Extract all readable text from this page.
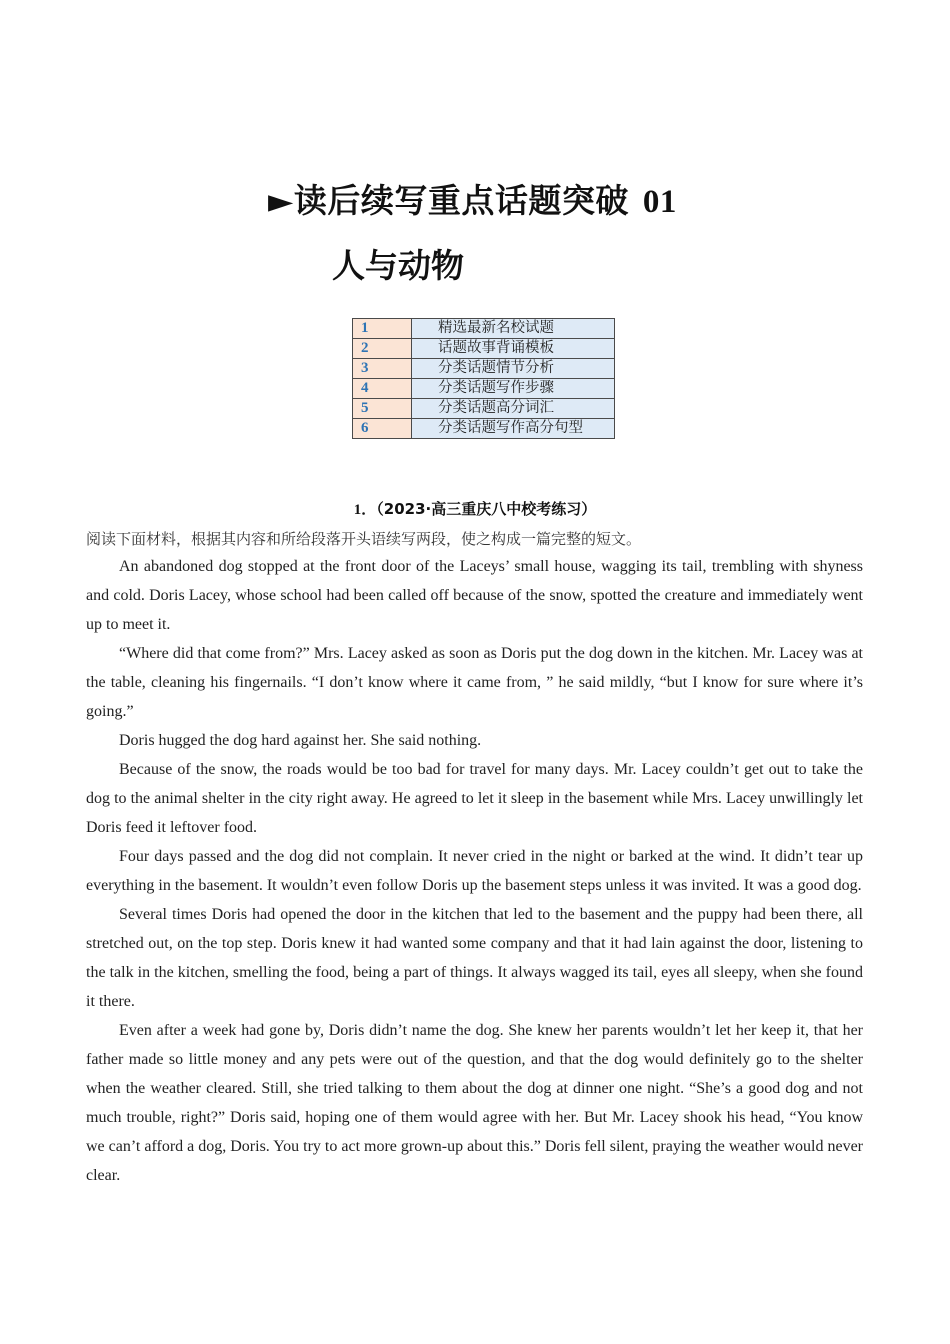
►读后续写重点话题突破 01
人与动物
1	精选最新名校试题
2	话题故事背诵模板
3	分类话题情节分析
4	分类话题写作步骤
5	分类话题高分词汇
6	分类话题写作高分句型
1．（2023·高三重庆八中校考练习）
阅读下面材料，根据其内容和所给段落开头语续写两段，使之构成一篇完整的短文。

An abandoned dog stopped at the front door of the Laceys’ small house, wagging its tail, trembling with shyness and cold. Doris Lacey, whose school had been called off because of the snow, spotted the creature and immediately went up to meet it.

“Where did that come from?” Mrs. Lacey asked as soon as Doris put the dog down in the kitchen. Mr. Lacey was at the table, cleaning his fingernails. “I don’t know where it came from, ” he said mildly, “but I know for sure where it’s going.”

Doris hugged the dog hard against her. She said nothing.

Because of the snow, the roads would be too bad for travel for many days. Mr. Lacey couldn’t get out to take the dog to the animal shelter in the city right away. He agreed to let it sleep in the basement while Mrs. Lacey unwillingly let Doris feed it leftover food.

Four days passed and the dog did not complain. It never cried in the night or barked at the wind. It didn’t tear up everything in the basement. It wouldn’t even follow Doris up the basement steps unless it was invited. It was a good dog.

Several times Doris had opened the door in the kitchen that led to the basement and the puppy had been there, all stretched out, on the top step. Doris knew it had wanted some company and that it had lain against the door, listening to the talk in the kitchen, smelling the food, being a part of things. It always wagged its tail, eyes all sleepy, when she found it there.

Even after a week had gone by, Doris didn’t name the dog. She knew her parents wouldn’t let her keep it, that her father made so little money and any pets were out of the question, and that the dog would definitely go to the shelter when the weather cleared. Still, she tried talking to them about the dog at dinner one night. “She’s a good dog and not much trouble, right?” Doris said, hoping one of them would agree with her. But Mr. Lacey shook his head, “You know we can’t afford a dog, Doris. You try to act more grown-up about this.” Doris fell silent, praying the weather would never clear.
